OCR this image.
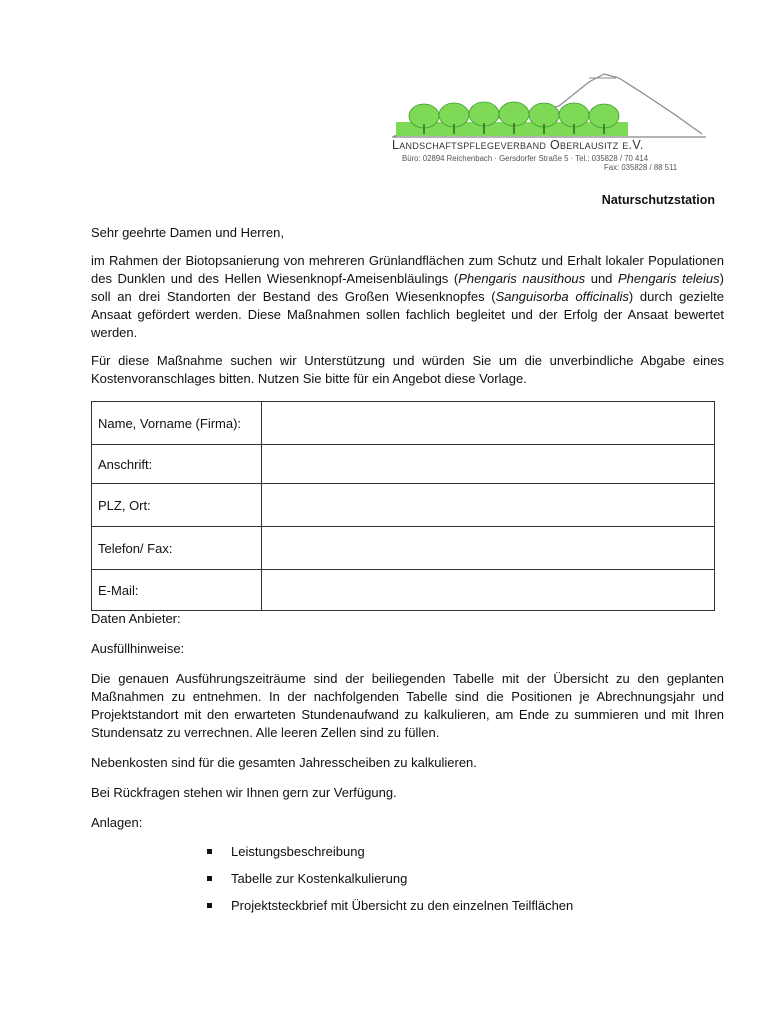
Landschaftspflegeverband Oberlausitz e.V.
Büro: 02894 Reichenbach · Gersdorfer Straße 5 · Tel.: 035828 / 70 414
Fax: 035828 / 88 511
Naturschutzstation
Sehr geehrte Damen und Herren,
im Rahmen der Biotopsanierung von mehreren Grünlandflächen zum Schutz und Erhalt lokaler Populationen des Dunklen und des Hellen Wiesenknopf-Ameisenbläulings (Phengaris nausithous und Phengaris teleius) soll an drei Standorten der Bestand des Großen Wiesenknopfes (Sanguisorba officinalis) durch gezielte Ansaat gefördert werden. Diese Maßnahmen sollen fachlich begleitet und der Erfolg der Ansaat bewertet werden.
Für diese Maßnahme suchen wir Unterstützung und würden Sie um die unverbindliche Abgabe eines Kostenvoranschlages bitten. Nutzen Sie bitte für ein Angebot diese Vorlage.
Name, Vorname (Firma):	
Anschrift:	
PLZ, Ort:	
Telefon/ Fax:	
E-Mail:	
Daten Anbieter:
Ausfüllhinweise:
Die genauen Ausführungszeiträume sind der beiliegenden Tabelle mit der Übersicht zu den geplanten Maßnahmen zu entnehmen. In der nachfolgenden Tabelle sind die Positionen je Abrechnungsjahr und Projektstandort mit den erwarteten Stundenaufwand zu kalkulieren, am Ende zu summieren und mit Ihren Stundensatz zu verrechnen. Alle leeren Zellen sind zu füllen.
Nebenkosten sind für die gesamten Jahresscheiben zu kalkulieren.
Bei Rückfragen stehen wir Ihnen gern zur Verfügung.
Anlagen:
Leistungsbeschreibung
Tabelle zur Kostenkalkulierung
Projektsteckbrief mit Übersicht zu den einzelnen Teilflächen
